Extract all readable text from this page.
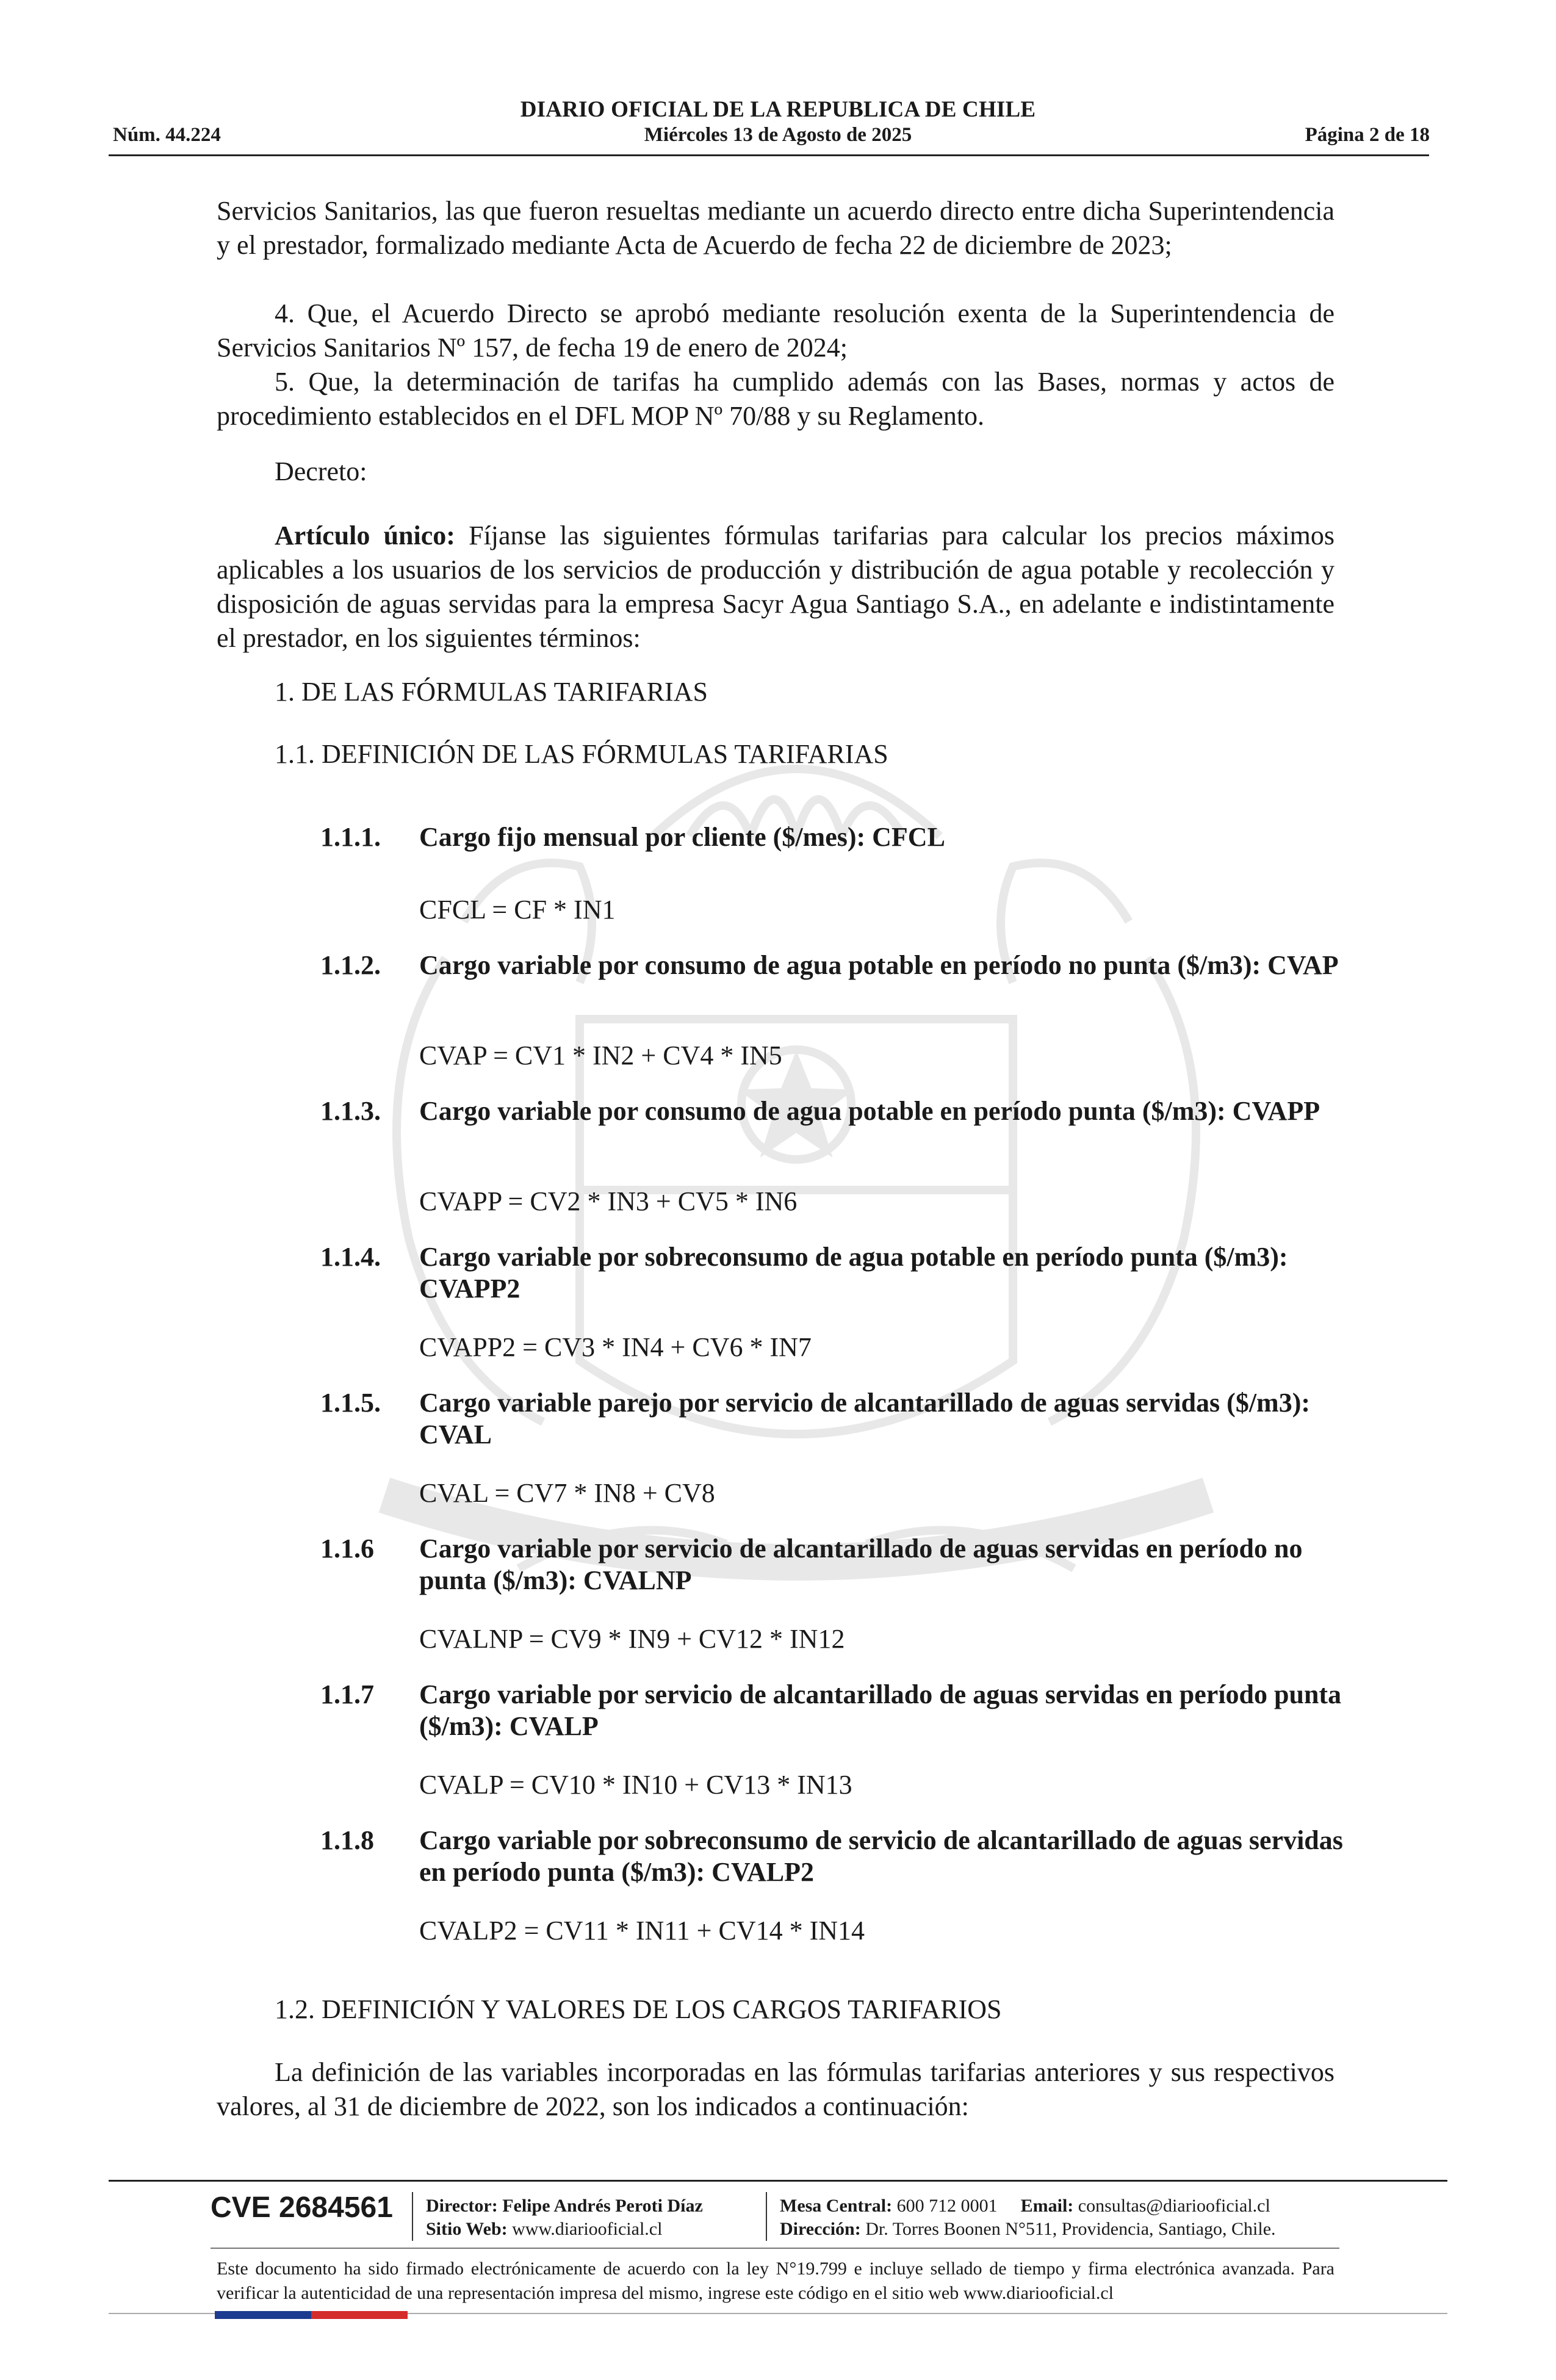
DIARIO OFICIAL DE LA REPUBLICA DE CHILE
Núm. 44.224	Miércoles 13 de Agosto de 2025	Página 2 de 18
Servicios Sanitarios, las que fueron resueltas mediante un acuerdo directo entre dicha Superintendencia y el prestador, formalizado mediante Acta de Acuerdo de fecha 22 de diciembre de 2023;
4. Que, el Acuerdo Directo se aprobó mediante resolución exenta de la Superintendencia de Servicios Sanitarios Nº 157, de fecha 19 de enero de 2024;
5. Que, la determinación de tarifas ha cumplido además con las Bases, normas y actos de procedimiento establecidos en el DFL MOP Nº 70/88 y su Reglamento.
Decreto:
Artículo único: Fíjanse las siguientes fórmulas tarifarias para calcular los precios máximos aplicables a los usuarios de los servicios de producción y distribución de agua potable y recolección y disposición de aguas servidas para la empresa Sacyr Agua Santiago S.A., en adelante e indistintamente el prestador, en los siguientes términos:
1. DE LAS FÓRMULAS TARIFARIAS
1.1. DEFINICIÓN DE LAS FÓRMULAS TARIFARIAS
1.1.1. Cargo fijo mensual por cliente ($/mes): CFCL
CFCL = CF * IN1
1.1.2. Cargo variable por consumo de agua potable en período no punta ($/m3): CVAP
CVAP = CV1 * IN2 + CV4 * IN5
1.1.3. Cargo variable por consumo de agua potable en período punta ($/m3): CVAPP
CVAPP = CV2 * IN3 + CV5 * IN6
1.1.4. Cargo variable por sobreconsumo de agua potable en período punta ($/m3): CVAPP2
CVAPP2 = CV3 * IN4 + CV6 * IN7
1.1.5. Cargo variable parejo por servicio de alcantarillado de aguas servidas ($/m3): CVAL
CVAL = CV7 * IN8 + CV8
1.1.6 Cargo variable por servicio de alcantarillado de aguas servidas en período no punta ($/m3): CVALNP
CVALNP = CV9 * IN9 + CV12 * IN12
1.1.7 Cargo variable por servicio de alcantarillado de aguas servidas en período punta ($/m3): CVALP
CVALP = CV10 * IN10 + CV13 * IN13
1.1.8 Cargo variable por sobreconsumo de servicio de alcantarillado de aguas servidas en período punta ($/m3): CVALP2
CVALP2 = CV11 * IN11 + CV14 * IN14
1.2. DEFINICIÓN Y VALORES DE LOS CARGOS TARIFARIOS
La definición de las variables incorporadas en las fórmulas tarifarias anteriores y sus respectivos valores, al 31 de diciembre de 2022, son los indicados a continuación:
CVE 2684561 Director: Felipe Andrés Peroti Díaz
Sitio Web: www.diariooficial.cl
Mesa Central: 600 712 0001 Email: consultas@diariooficial.cl
Dirección: Dr. Torres Boonen N°511, Providencia, Santiago, Chile.
Este documento ha sido firmado electrónicamente de acuerdo con la ley N°19.799 e incluye sellado de tiempo y firma electrónica avanzada. Para verificar la autenticidad de una representación impresa del mismo, ingrese este código en el sitio web www.diariooficial.cl
